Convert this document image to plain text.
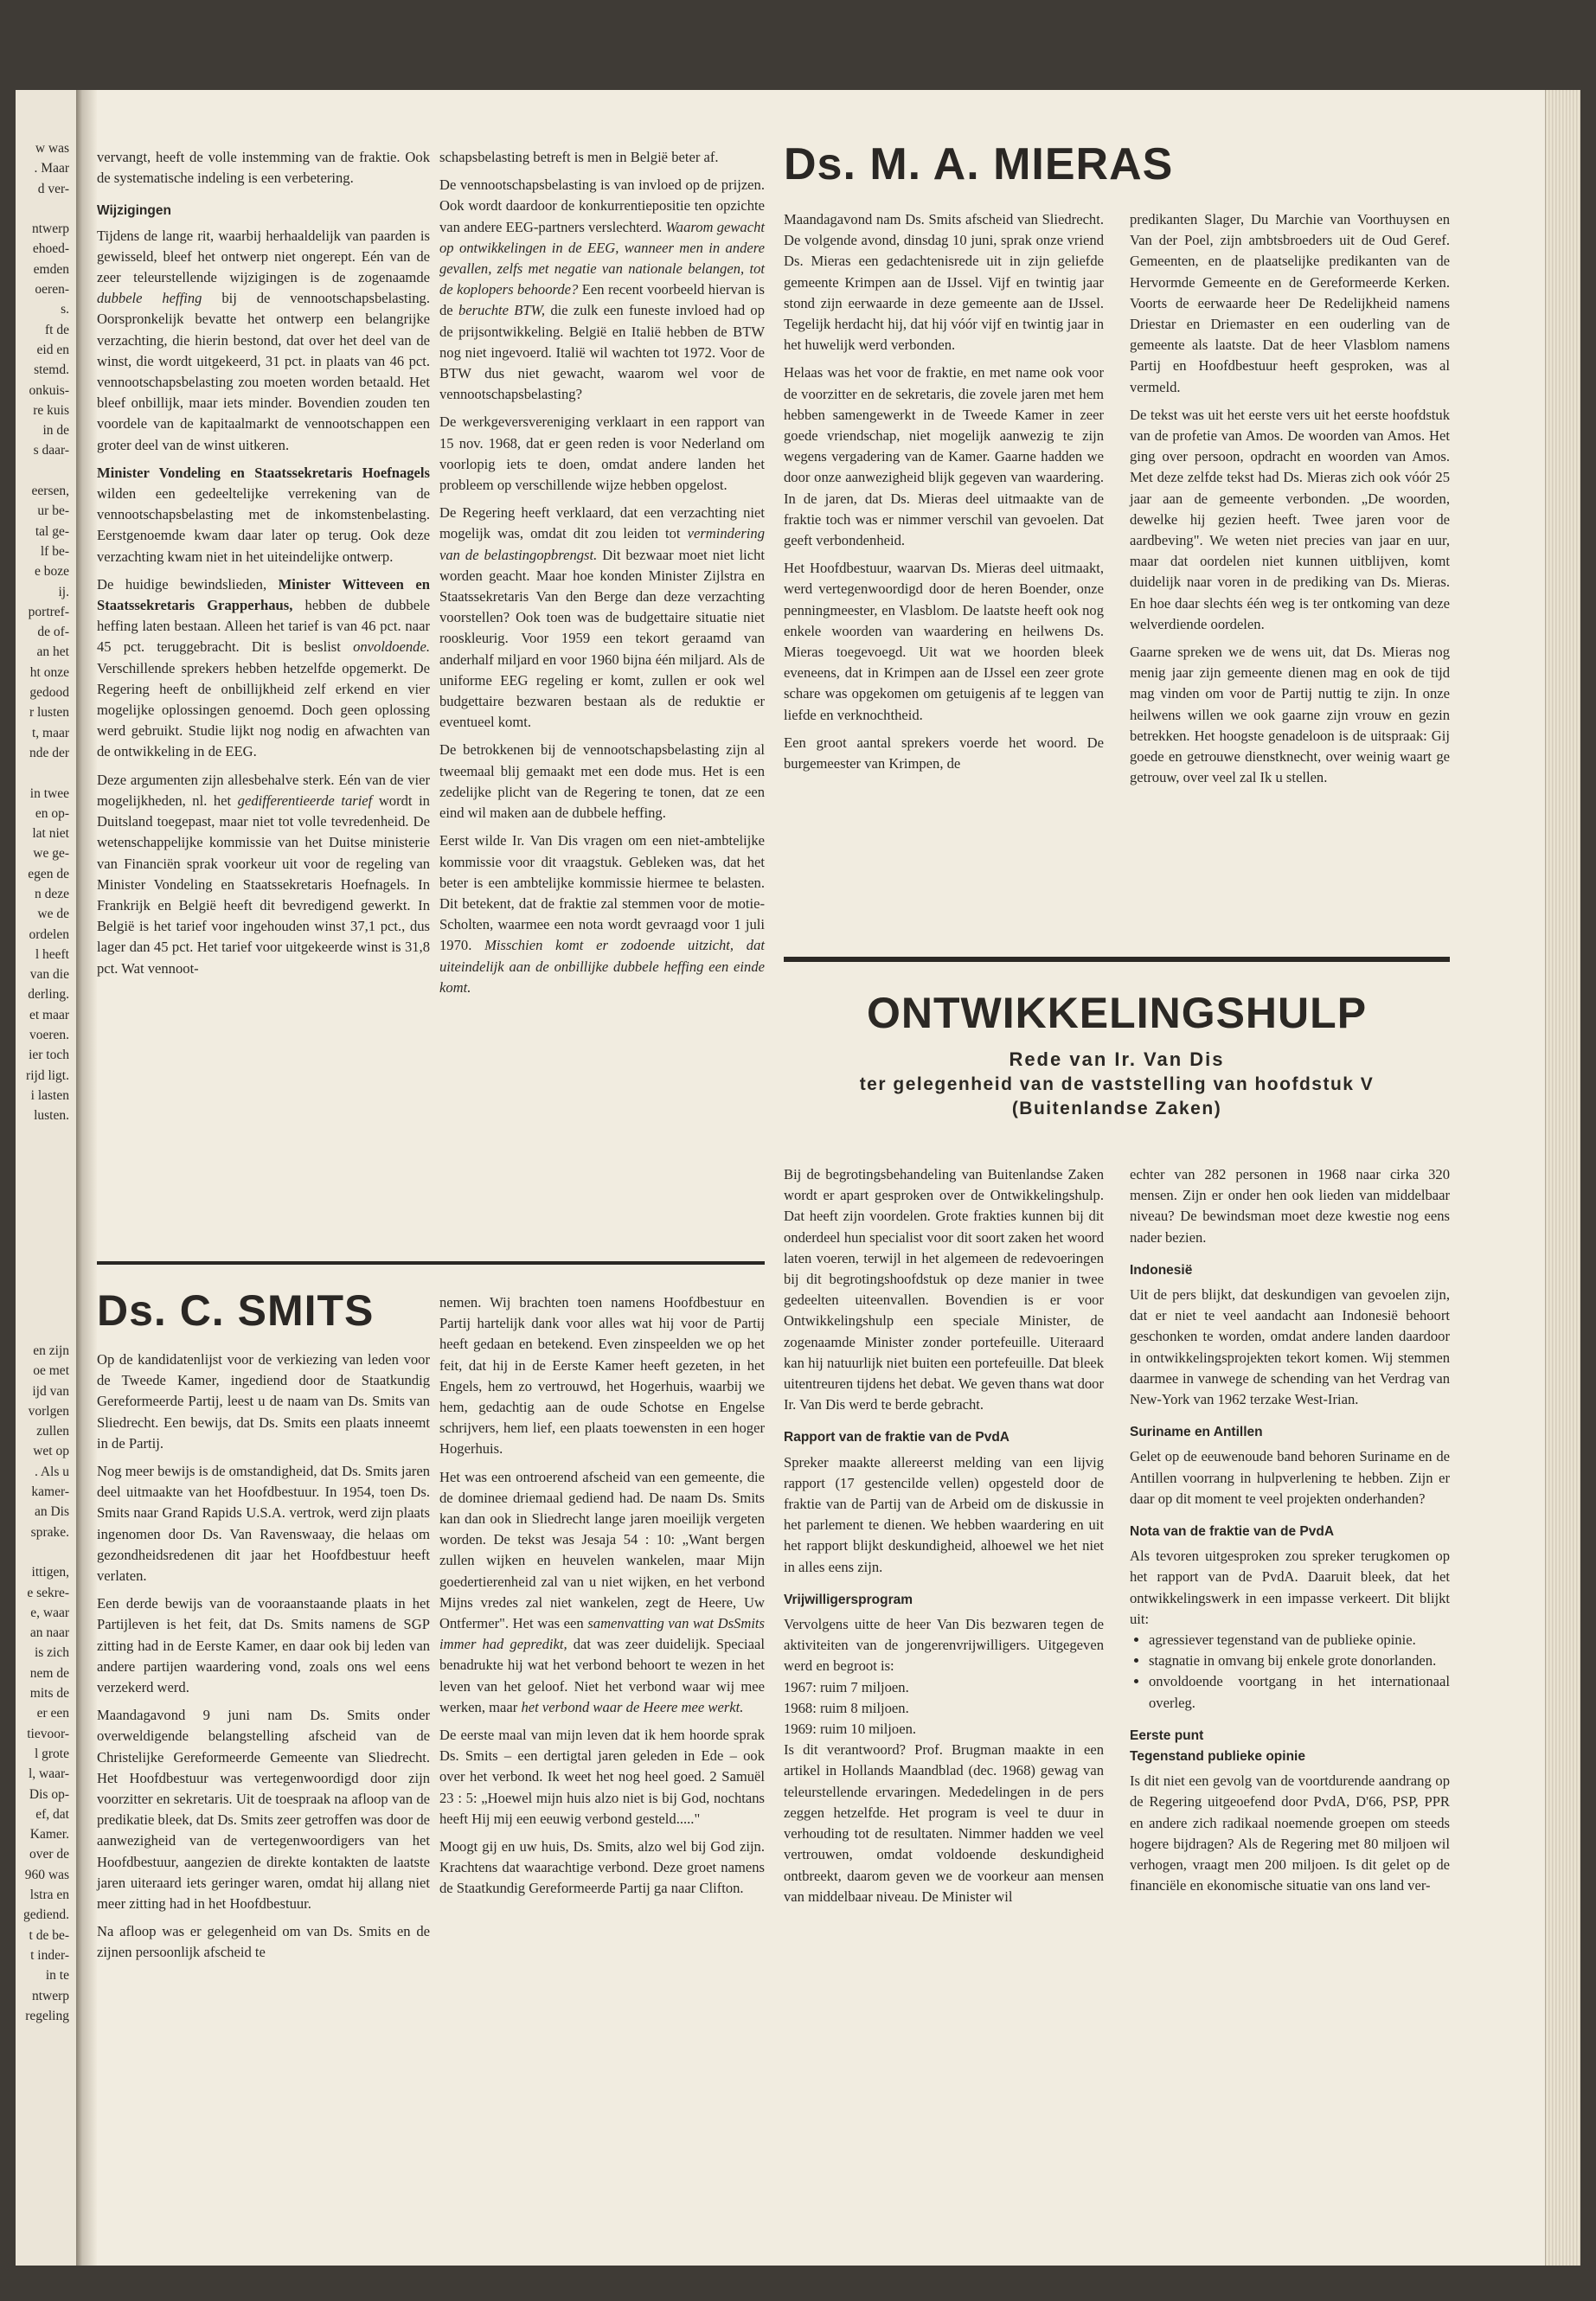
w was
. Maar
d ver-

ntwerp
ehoed-
emden
oeren-
s.
ft de
eid en
stemd.
onkuis-
re kuis
in de
s daar-

eersen,
ur be-
tal ge-
lf be-
e boze
ij.
portref-
de of-
an het
ht onze
gedood
r lusten
t, maar
nde der

in twee
en op-
lat niet
we ge-
egen de
n deze
we de
ordelen
l heeft
van die
derling.
et maar
voeren.
ier toch
rijd ligt.
i lasten
lusten.
en zijn
oe met
ijd van
vorlgen
zullen
wet op
. Als u
kamer-
an Dis
sprake.

ittigen,
e sekre-
e, waar
an naar
is zich
nem de
mits de
er een
tievoor-
l grote
l, waar-
Dis op-
ef, dat
Kamer.
over de
960 was
lstra en
gediend.
t de be-
t inder-
in te
ntwerp
regeling

vervangt, heeft de volle instemming van de fraktie. Ook de systematische indeling is een verbetering.

Wijzigingen

Tijdens de lange rit, waarbij herhaaldelijk van paarden is gewisseld, bleef het ontwerp niet ongerept. Eén van de zeer teleurstellende wijzigingen is de zogenaamde dubbele heffing bij de vennootschapsbelasting. Oorspronkelijk bevatte het ontwerp een belangrijke verzachting, die hierin bestond, dat over het deel van de winst, die wordt uitgekeerd, 31 pct. in plaats van 46 pct. vennootschapsbelasting zou moeten worden betaald. Het bleef onbillijk, maar iets minder. Bovendien zouden ten voordele van de kapitaalmarkt de vennootschappen een groter deel van de winst uitkeren.

Minister Vondeling en Staatssekretaris Hoefnagels wilden een gedeeltelijke verrekening van de vennootschapsbelasting met de inkomstenbelasting. Eerstgenoemde kwam daar later op terug. Ook deze verzachting kwam niet in het uiteindelijke ontwerp.

De huidige bewindslieden, Minister Witteveen en Staatssekretaris Grapperhaus, hebben de dubbele heffing laten bestaan. Alleen het tarief is van 46 pct. naar 45 pct. teruggebracht. Dit is beslist onvoldoende. Verschillende sprekers hebben hetzelfde opgemerkt. De Regering heeft de onbillijkheid zelf erkend en vier mogelijke oplossingen genoemd. Doch geen oplossing werd gebruikt. Studie lijkt nog nodig en afwachten van de ontwikkeling in de EEG.

Deze argumenten zijn allesbehalve sterk. Eén van de vier mogelijkheden, nl. het gedifferentieerde tarief wordt in Duitsland toegepast, maar niet tot volle tevredenheid. De wetenschappelijke kommissie van het Duitse ministerie van Financiën sprak voorkeur uit voor de regeling van Minister Vondeling en Staatssekretaris Hoefnagels. In Frankrijk en België heeft dit bevredigend gewerkt. In België is het tarief voor ingehouden winst 37,1 pct., dus lager dan 45 pct. Het tarief voor uitgekeerde winst is 31,8 pct. Wat vennoot-

schapsbelasting betreft is men in België beter af.

De vennootschapsbelasting is van invloed op de prijzen. Ook wordt daardoor de konkurrentiepositie ten opzichte van andere EEG-partners verslechterd. Waarom gewacht op ontwikkelingen in de EEG, wanneer men in andere gevallen, zelfs met negatie van nationale belangen, tot de koplopers behoorde? Een recent voorbeeld hiervan is de beruchte BTW, die zulk een funeste invloed had op de prijsontwikkeling. België en Italië hebben de BTW nog niet ingevoerd. Italië wil wachten tot 1972. Voor de BTW dus niet gewacht, waarom wel voor de vennootschapsbelasting?

De werkgeversvereniging verklaart in een rapport van 15 nov. 1968, dat er geen reden is voor Nederland om voorlopig iets te doen, omdat andere landen het probleem op verschillende wijze hebben opgelost.

De Regering heeft verklaard, dat een verzachting niet mogelijk was, omdat dit zou leiden tot vermindering van de belastingopbrengst. Dit bezwaar moet niet licht worden geacht. Maar hoe konden Minister Zijlstra en Staatssekretaris Van den Berge dan deze verzachting voorstellen? Ook toen was de budgettaire situatie niet rooskleurig. Voor 1959 een tekort geraamd van anderhalf miljard en voor 1960 bijna één miljard. Als de uniforme EEG regeling er komt, zullen er ook wel budgettaire bezwaren bestaan als de reduktie er eventueel komt.

De betrokkenen bij de vennootschapsbelasting zijn al tweemaal blij gemaakt met een dode mus. Het is een zedelijke plicht van de Regering te tonen, dat ze een eind wil maken aan de dubbele heffing.

Eerst wilde Ir. Van Dis vragen om een niet-ambtelijke kommissie voor dit vraagstuk. Gebleken was, dat het beter is een ambtelijke kommissie hiermee te belasten. Dit betekent, dat de fraktie zal stemmen voor de motie-Scholten, waarmee een nota wordt gevraagd voor 1 juli 1970. Misschien komt er zodoende uitzicht, dat uiteindelijk aan de onbillijke dubbele heffing een einde komt.

Ds. M. A. MIERAS

Maandagavond nam Ds. Smits afscheid van Sliedrecht. De volgende avond, dinsdag 10 juni, sprak onze vriend Ds. Mieras een gedachtenisrede uit in zijn geliefde gemeente Krimpen aan de IJssel. Vijf en twintig jaar stond zijn eerwaarde in deze gemeente aan de IJssel. Tegelijk herdacht hij, dat hij vóór vijf en twintig jaar in het huwelijk werd verbonden.

Helaas was het voor de fraktie, en met name ook voor de voorzitter en de sekretaris, die zovele jaren met hem hebben samengewerkt in de Tweede Kamer in zeer goede vriendschap, niet mogelijk aanwezig te zijn wegens vergadering van de Kamer. Gaarne hadden we door onze aanwezigheid blijk gegeven van waardering. In de jaren, dat Ds. Mieras deel uitmaakte van de fraktie toch was er nimmer verschil van gevoelen. Dat geeft verbondenheid.

Het Hoofdbestuur, waarvan Ds. Mieras deel uitmaakt, werd vertegenwoordigd door de heren Boender, onze penningmeester, en Vlasblom. De laatste heeft ook nog enkele woorden van waardering en heilwens Ds. Mieras toegevoegd. Uit wat we hoorden bleek eveneens, dat in Krimpen aan de IJssel een zeer grote schare was opgekomen om getuigenis af te leggen van liefde en verknochtheid.

Een groot aantal sprekers voerde het woord. De burgemeester van Krimpen, de

predikanten Slager, Du Marchie van Voorthuysen en Van der Poel, zijn ambtsbroeders uit de Oud Geref. Gemeenten, en de plaatselijke predikanten van de Hervormde Gemeente en de Gereformeerde Kerken. Voorts de eerwaarde heer De Redelijkheid namens Driestar en Driemaster en een ouderling van de gemeente als laatste. Dat de heer Vlasblom namens Partij en Hoofdbestuur heeft gesproken, was al vermeld.

De tekst was uit het eerste vers uit het eerste hoofdstuk van de profetie van Amos. De woorden van Amos. Het ging over persoon, opdracht en woorden van Amos. Met deze zelfde tekst had Ds. Mieras zich ook vóór 25 jaar aan de gemeente verbonden. „De woorden, dewelke hij gezien heeft. Twee jaren voor de aardbeving". We weten niet precies van jaar en uur, maar dat oordelen niet kunnen uitblijven, komt duidelijk naar voren in de prediking van Ds. Mieras. En hoe daar slechts één weg is ter ontkoming van deze welverdiende oordelen.

Gaarne spreken we de wens uit, dat Ds. Mieras nog menig jaar zijn gemeente dienen mag en ook de tijd mag vinden om voor de Partij nuttig te zijn. In onze heilwens willen we ook gaarne zijn vrouw en gezin betrekken. Het hoogste genadeloon is de uitspraak: Gij goede en getrouwe dienstknecht, over weinig waart ge getrouw, over veel zal Ik u stellen.

ONTWIKKELINGSHULP
Rede van Ir. Van Dis
ter gelegenheid van de vaststelling van hoofdstuk V
(Buitenlandse Zaken)

Bij de begrotingsbehandeling van Buitenlandse Zaken wordt er apart gesproken over de Ontwikkelingshulp. Dat heeft zijn voordelen. Grote frakties kunnen bij dit onderdeel hun specialist voor dit soort zaken het woord laten voeren, terwijl in het algemeen de redevoeringen bij dit begrotingshoofdstuk op deze manier in twee gedeelten uiteenvallen. Bovendien is er voor Ontwikkelingshulp een speciale Minister, de zogenaamde Minister zonder portefeuille. Uiteraard kan hij natuurlijk niet buiten een portefeuille. Dat bleek uitentreuren tijdens het debat. We geven thans wat door Ir. Van Dis werd te berde gebracht.

Rapport van de fraktie van de PvdA

Spreker maakte allereerst melding van een lijvig rapport (17 gestencilde vellen) opgesteld door de fraktie van de Partij van de Arbeid om de diskussie in het parlement te dienen. We hebben waardering en uit het rapport blijkt deskundigheid, alhoewel we het niet in alles eens zijn.

Vrijwilligersprogram

Vervolgens uitte de heer Van Dis bezwaren tegen de aktiviteiten van de jongerenvrijwilligers. Uitgegeven werd en begroot is:

1967: ruim 7 miljoen.
1968: ruim 8 miljoen.
1969: ruim 10 miljoen.

Is dit verantwoord? Prof. Brugman maakte in een artikel in Hollands Maandblad (dec. 1968) gewag van teleurstellende ervaringen. Mededelingen in de pers zeggen hetzelfde. Het program is veel te duur in verhouding tot de resultaten. Nimmer hadden we veel vertrouwen, omdat voldoende deskundigheid ontbreekt, daarom geven we de voorkeur aan mensen van middelbaar niveau. De Minister wil

echter van 282 personen in 1968 naar cirka 320 mensen. Zijn er onder hen ook lieden van middelbaar niveau? De bewindsman moet deze kwestie nog eens nader bezien.

Indonesië

Uit de pers blijkt, dat deskundigen van gevoelen zijn, dat er niet te veel aandacht aan Indonesië behoort geschonken te worden, omdat andere landen daardoor in ontwikkelingsprojekten tekort komen. Wij stemmen daarmee in vanwege de schending van het Verdrag van New-York van 1962 terzake West-Irian.

Suriname en Antillen

Gelet op de eeuwenoude band behoren Suriname en de Antillen voorrang in hulpverlening te hebben. Zijn er daar op dit moment te veel projekten onderhanden?

Nota van de fraktie van de PvdA

Als tevoren uitgesproken zou spreker terugkomen op het rapport van de PvdA. Daaruit bleek, dat het ontwikkelingswerk in een impasse verkeert. Dit blijkt uit:

• agressiever tegenstand van de publieke opinie.
• stagnatie in omvang bij enkele grote donorlanden.
• onvoldoende voortgang in het internationaal overleg.
Eerste punt
Tegenstand publieke opinie

Is dit niet een gevolg van de voortdurende aandrang op de Regering uitgeoefend door PvdA, D'66, PSP, PPR en andere zich radikaal noemende groepen om steeds hogere bijdragen? Als de Regering met 80 miljoen wil verhogen, vraagt men 200 miljoen. Is dit gelet op de financiële en ekonomische situatie van ons land ver-

Ds. C. SMITS

Op de kandidatenlijst voor de verkiezing van leden voor de Tweede Kamer, ingediend door de Staatkundig Gereformeerde Partij, leest u de naam van Ds. Smits van Sliedrecht. Een bewijs, dat Ds. Smits een plaats inneemt in de Partij.

Nog meer bewijs is de omstandigheid, dat Ds. Smits jaren deel uitmaakte van het Hoofdbestuur. In 1954, toen Ds. Smits naar Grand Rapids U.S.A. vertrok, werd zijn plaats ingenomen door Ds. Van Ravenswaay, die helaas om gezondheidsredenen dit jaar het Hoofdbestuur heeft verlaten.

Een derde bewijs van de vooraanstaande plaats in het Partijleven is het feit, dat Ds. Smits namens de SGP zitting had in de Eerste Kamer, en daar ook bij leden van andere partijen waardering vond, zoals ons wel eens verzekerd werd.

Maandagavond 9 juni nam Ds. Smits onder overweldigende belangstelling afscheid van de Christelijke Gereformeerde Gemeente van Sliedrecht. Het Hoofdbestuur was vertegenwoordigd door zijn voorzitter en sekretaris. Uit de toespraak na afloop van de predikatie bleek, dat Ds. Smits zeer getroffen was door de aanwezigheid van de vertegenwoordigers van het Hoofdbestuur, aangezien de direkte kontakten de laatste jaren uiteraard iets geringer waren, omdat hij allang niet meer zitting had in het Hoofdbestuur.

Na afloop was er gelegenheid om van Ds. Smits en de zijnen persoonlijk afscheid te

nemen. Wij brachten toen namens Hoofdbestuur en Partij hartelijk dank voor alles wat hij voor de Partij heeft gedaan en betekend. Even zinspeelden we op het feit, dat hij in de Eerste Kamer heeft gezeten, in het Engels, hem zo vertrouwd, het Hogerhuis, waarbij we hem, gedachtig aan de oude Schotse en Engelse schrijvers, hem lief, een plaats toewensten in een hoger Hogerhuis.

Het was een ontroerend afscheid van een gemeente, die de dominee driemaal gediend had. De naam Ds. Smits kan dan ook in Sliedrecht lange jaren moeilijk vergeten worden. De tekst was Jesaja 54 : 10: „Want bergen zullen wijken en heuvelen wankelen, maar Mijn goedertierenheid zal van u niet wijken, en het verbond Mijns vredes zal niet wankelen, zegt de Heere, Uw Ontfermer". Het was een samenvatting van wat DsSmits immer had gepredikt, dat was zeer duidelijk. Speciaal benadrukte hij wat het verbond behoort te wezen in het leven van het geloof. Niet het verbond waar wij mee werken, maar het verbond waar de Heere mee werkt.

De eerste maal van mijn leven dat ik hem hoorde sprak Ds. Smits – een dertigtal jaren geleden in Ede – ook over het verbond. Ik weet het nog heel goed. 2 Samuël 23 : 5: „Hoewel mijn huis alzo niet is bij God, nochtans heeft Hij mij een eeuwig verbond gesteld....."

Moogt gij en uw huis, Ds. Smits, alzo wel bij God zijn. Krachtens dat waarachtige verbond. Deze groet namens de Staatkundig Gereformeerde Partij ga naar Clifton.
